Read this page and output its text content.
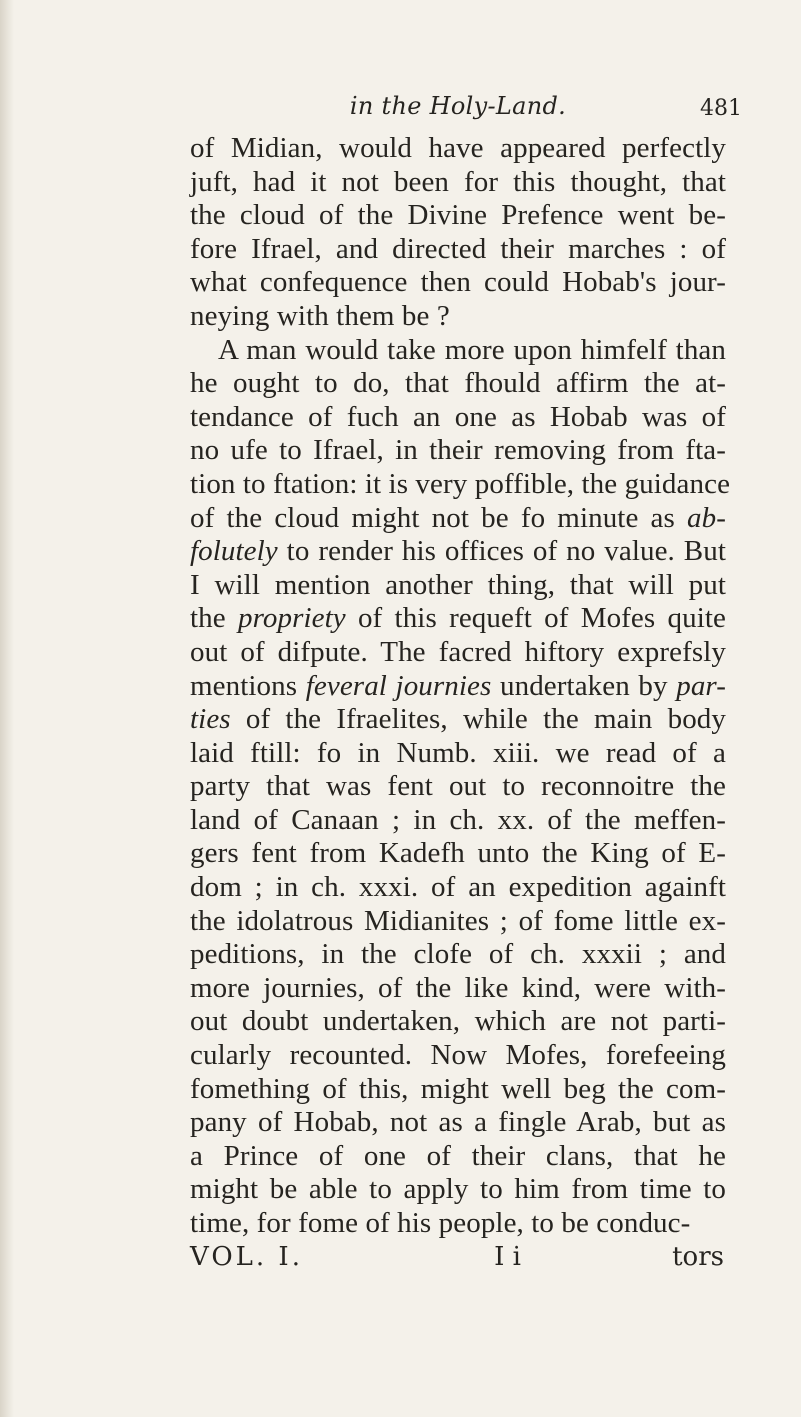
in the Holy-Land.	481
of Midian, would have appeared perfectly
juft, had it not been for this thought, that
the cloud of the Divine Prefence went be-
fore Ifrael, and directed their marches : of
what confequence then could Hobab's jour-
neying with them be ?
A man would take more upon himfelf than
he ought to do, that fhould affirm the at-
tendance of fuch an one as Hobab was of
no ufe to Ifrael, in their removing from fta-
tion to ftation: it is very poffible, the guidance
of the cloud might not be fo minute as ab-
folutely to render his offices of no value. But
I will mention another thing, that will put
the propriety of this requeft of Mofes quite
out of difpute. The facred hiftory exprefsly
mentions feveral journies undertaken by par-
ties of the Ifraelites, while the main body
laid ftill: fo in Numb. xiii. we read of a
party that was fent out to reconnoitre the
land of Canaan ; in ch. xx. of the meffen-
gers fent from Kadefh unto the King of E-
dom ; in ch. xxxi. of an expedition againft
the idolatrous Midianites ; of fome little ex-
peditions, in the clofe of ch. xxxii ; and
more journies, of the like kind, were with-
out doubt undertaken, which are not parti-
cularly recounted. Now Mofes, forefeeing
fomething of this, might well beg the com-
pany of Hobab, not as a fingle Arab, but as
a Prince of one of their clans, that he
might be able to apply to him from time to
time, for fome of his people, to be conduc-
VOL. I.	I i	tors
